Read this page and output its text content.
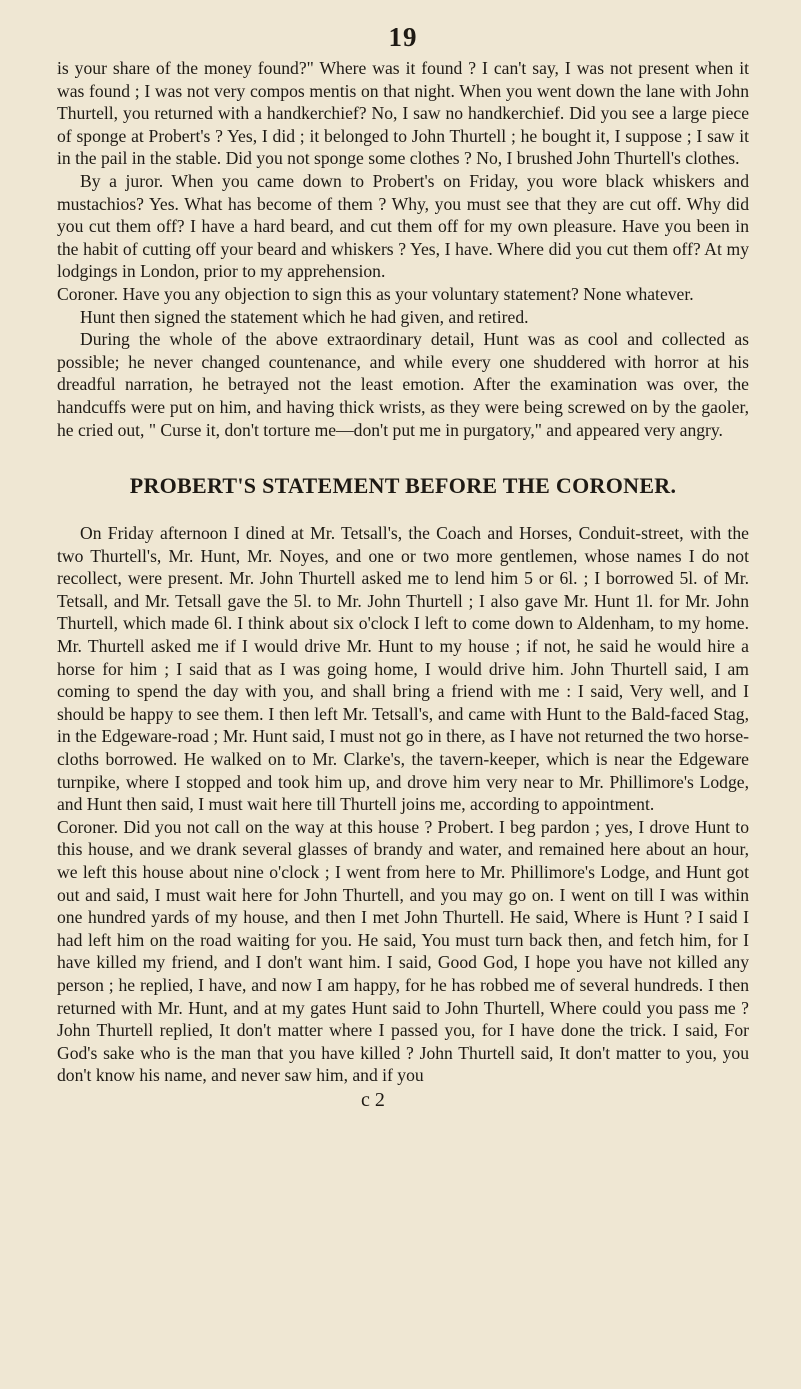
19

is your share of the money found?" Where was it found ? I can't say, I was not present when it was found ; I was not very compos mentis on that night. When you went down the lane with John Thurtell, you returned with a handkerchief? No, I saw no handkerchief. Did you see a large piece of sponge at Probert's ? Yes, I did ; it belonged to John Thurtell ; he bought it, I suppose ; I saw it in the pail in the stable. Did you not sponge some clothes ? No, I brushed John Thurtell's clothes.

By a juror. When you came down to Probert's on Friday, you wore black whiskers and mustachios? Yes. What has become of them ? Why, you must see that they are cut off. Why did you cut them off? I have a hard beard, and cut them off for my own pleasure. Have you been in the habit of cutting off your beard and whiskers ? Yes, I have. Where did you cut them off? At my lodgings in London, prior to my apprehension.

Coroner. Have you any objection to sign this as your voluntary statement? None whatever.

Hunt then signed the statement which he had given, and retired.

During the whole of the above extraordinary detail, Hunt was as cool and collected as possible; he never changed countenance, and while every one shuddered with horror at his dreadful narration, he betrayed not the least emotion. After the examination was over, the handcuffs were put on him, and having thick wrists, as they were being screwed on by the gaoler, he cried out, " Curse it, don't torture me—don't put me in purgatory," and appeared very angry.

PROBERT'S STATEMENT BEFORE THE CORONER.

On Friday afternoon I dined at Mr. Tetsall's, the Coach and Horses, Conduit-street, with the two Thurtell's, Mr. Hunt, Mr. Noyes, and one or two more gentlemen, whose names I do not recollect, were present. Mr. John Thurtell asked me to lend him 5 or 6l. ; I borrowed 5l. of Mr. Tetsall, and Mr. Tetsall gave the 5l. to Mr. John Thurtell ; I also gave Mr. Hunt 1l. for Mr. John Thurtell, which made 6l. I think about six o'clock I left to come down to Aldenham, to my home. Mr. Thurtell asked me if I would drive Mr. Hunt to my house ; if not, he said he would hire a horse for him ; I said that as I was going home, I would drive him. John Thurtell said, I am coming to spend the day with you, and shall bring a friend with me : I said, Very well, and I should be happy to see them. I then left Mr. Tetsall's, and came with Hunt to the Bald-faced Stag, in the Edgeware-road ; Mr. Hunt said, I must not go in there, as I have not returned the two horse-cloths borrowed. He walked on to Mr. Clarke's, the tavern-keeper, which is near the Edgeware turnpike, where I stopped and took him up, and drove him very near to Mr. Phillimore's Lodge, and Hunt then said, I must wait here till Thurtell joins me, according to appointment.

Coroner. Did you not call on the way at this house ? Probert. I beg pardon ; yes, I drove Hunt to this house, and we drank several glasses of brandy and water, and remained here about an hour, we left this house about nine o'clock ; I went from here to Mr. Phillimore's Lodge, and Hunt got out and said, I must wait here for John Thurtell, and you may go on. I went on till I was within one hundred yards of my house, and then I met John Thurtell. He said, Where is Hunt ? I said I had left him on the road waiting for you. He said, You must turn back then, and fetch him, for I have killed my friend, and I don't want him. I said, Good God, I hope you have not killed any person ; he replied, I have, and now I am happy, for he has robbed me of several hundreds. I then returned with Mr. Hunt, and at my gates Hunt said to John Thurtell, Where could you pass me ? John Thurtell replied, It don't matter where I passed you, for I have done the trick. I said, For God's sake who is the man that you have killed ? John Thurtell said, It don't matter to you, you don't know his name, and never saw him, and if you

c 2
